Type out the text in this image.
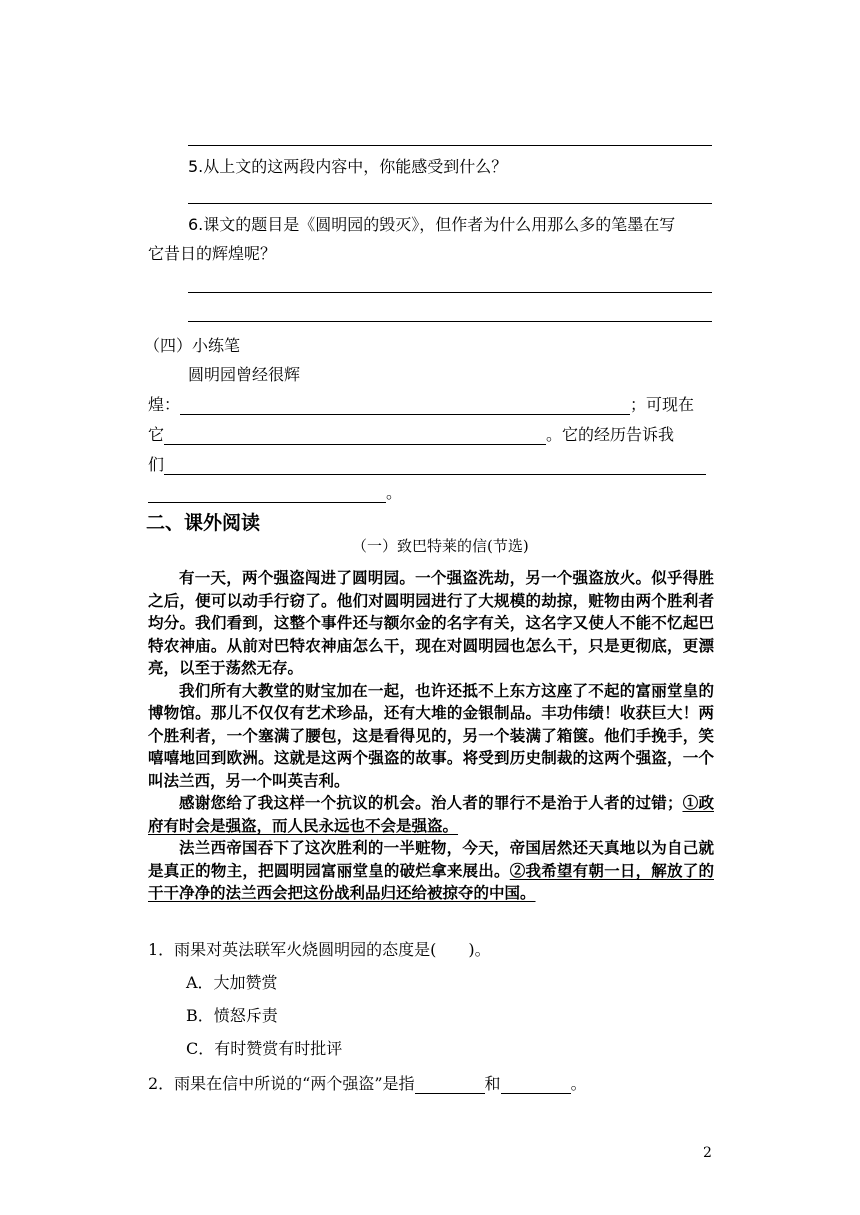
5.从上文的这两段内容中，你能感受到什么？
6.课文的题目是《圆明园的毁灭》，但作者为什么用那么多的笔墨在写
它昔日的辉煌呢？
（四）小练笔
圆明园曾经很辉
煌：	；可现在
它	。它的经历告诉我
们
。
二、课外阅读
（一）致巴特莱的信(节选)

有一天，两个强盗闯进了圆明园。一个强盗洗劫，另一个强盗放火。似乎得胜之后，便可以动手行窃了。他们对圆明园进行了大规模的劫掠，赃物由两个胜利者均分。我们看到，这整个事件还与额尔金的名字有关，这名字又使人不能不忆起巴特农神庙。从前对巴特农神庙怎么干，现在对圆明园也怎么干，只是更彻底，更漂亮，以至于荡然无存。

我们所有大教堂的财宝加在一起，也许还抵不上东方这座了不起的富丽堂皇的博物馆。那儿不仅仅有艺术珍品，还有大堆的金银制品。丰功伟绩！收获巨大！两个胜利者，一个塞满了腰包，这是看得见的，另一个装满了箱箧。他们手挽手，笑嘻嘻地回到欧洲。这就是这两个强盗的故事。将受到历史制裁的这两个强盗，一个叫法兰西，另一个叫英吉利。

感谢您给了我这样一个抗议的机会。治人者的罪行不是治于人者的过错；①政府有时会是强盗，而人民永远也不会是强盗。

法兰西帝国吞下了这次胜利的一半赃物，今天，帝国居然还天真地以为自己就是真正的物主，把圆明园富丽堂皇的破烂拿来展出。②我希望有朝一日，解放了的干干净净的法兰西会把这份战利品归还给被掠夺的中国。

1．雨果对英法联军火烧圆明园的态度是(　　)。
A．大加赞赏
B．愤怒斥责
C．有时赞赏有时批评
2．雨果在信中所说的“两个强盗”是指	和	。
2
